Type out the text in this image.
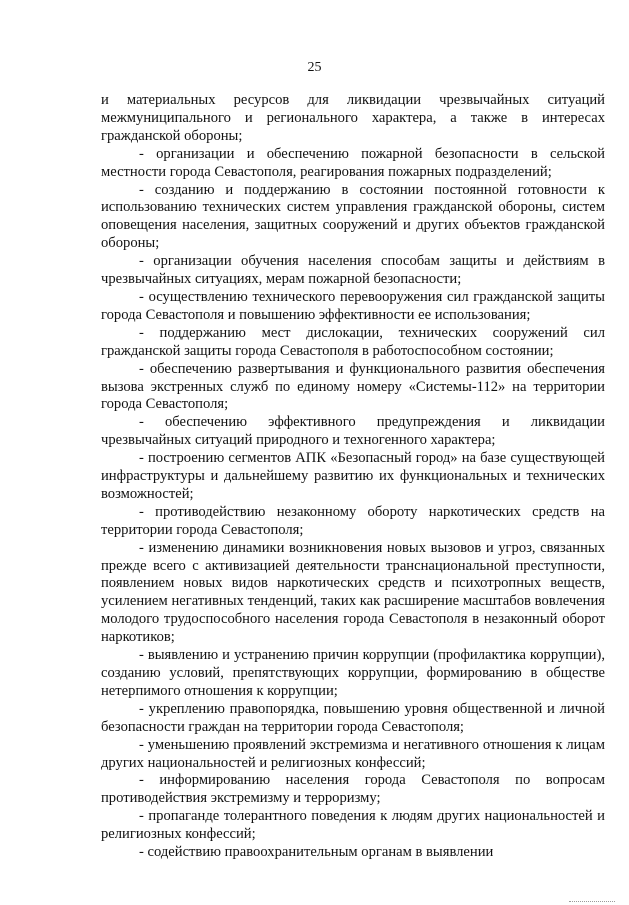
25

и материальных ресурсов для ликвидации чрезвычайных ситуаций межмуниципального и регионального характера, а также в интересах гражданской обороны;

- организации и обеспечению пожарной безопасности в сельской местности города Севастополя, реагирования пожарных подразделений;

- созданию и поддержанию в состоянии постоянной готовности к использованию технических систем управления гражданской обороны, систем оповещения населения, защитных сооружений и других объектов гражданской обороны;

- организации обучения населения способам защиты и действиям в чрезвычайных ситуациях, мерам пожарной безопасности;

- осуществлению технического перевооружения сил гражданской защиты города Севастополя и повышению эффективности ее использования;

- поддержанию мест дислокации, технических сооружений сил гражданской защиты города Севастополя в работоспособном состоянии;

- обеспечению развертывания и функционального развития обеспечения вызова экстренных служб по единому номеру «Системы-112» на территории города Севастополя;

- обеспечению эффективного предупреждения и ликвидации чрезвычайных ситуаций природного и техногенного характера;

- построению сегментов АПК «Безопасный город» на базе существующей инфраструктуры и дальнейшему развитию их функциональных и технических возможностей;

- противодействию незаконному обороту наркотических средств на территории города Севастополя;

- изменению динамики возникновения новых вызовов и угроз, связанных прежде всего с активизацией деятельности транснациональной преступности, появлением новых видов наркотических средств и психотропных веществ, усилением негативных тенденций, таких как расширение масштабов вовлечения молодого трудоспособного населения города Севастополя в незаконный оборот наркотиков;

- выявлению и устранению причин коррупции (профилактика коррупции), созданию условий, препятствующих коррупции, формированию в обществе нетерпимого отношения к коррупции;

- укреплению правопорядка, повышению уровня общественной и личной безопасности граждан на территории города Севастополя;

- уменьшению проявлений экстремизма и негативного отношения к лицам других национальностей и религиозных конфессий;

- информированию населения города Севастополя по вопросам противодействия экстремизму и терроризму;

- пропаганде толерантного поведения к людям других национальностей и религиозных конфессий;

- содействию правоохранительным органам в выявлении
